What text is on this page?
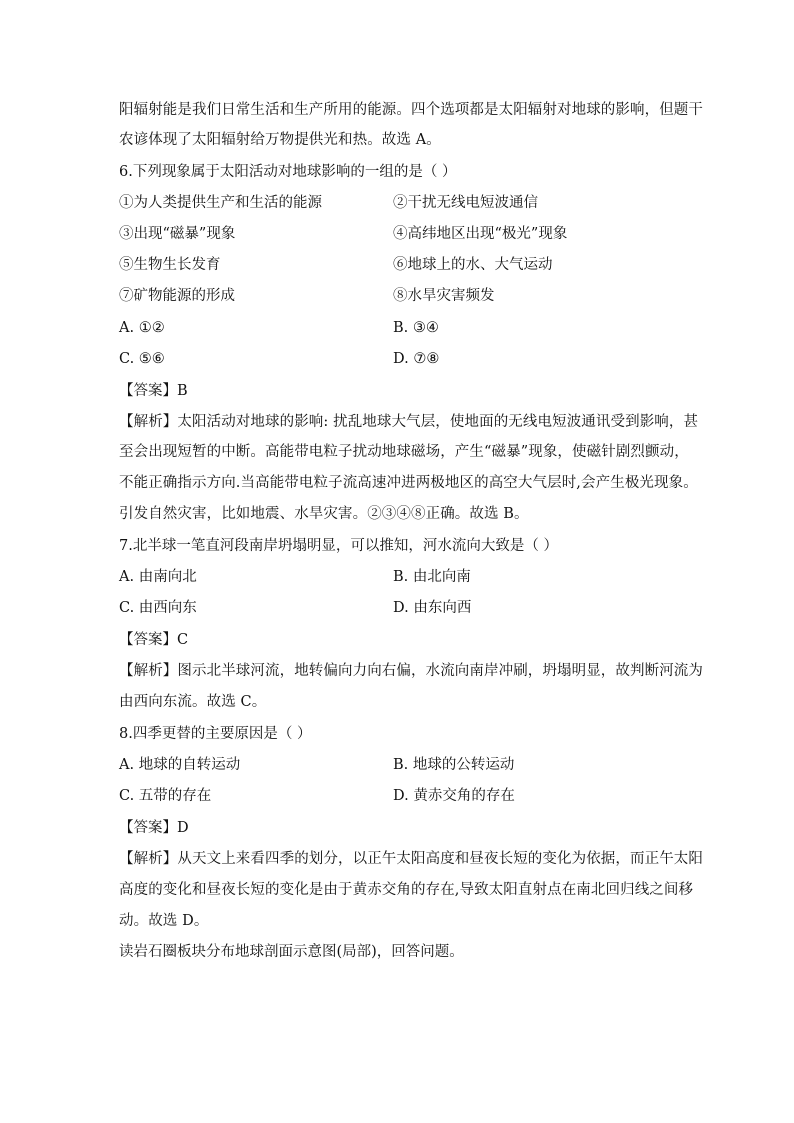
阳辐射能是我们日常生活和生产所用的能源。四个选项都是太阳辐射对地球的影响，但题干
农谚体现了太阳辐射给万物提供光和热。故选 A。
6.下列现象属于太阳活动对地球影响的一组的是（ ）
①为人类提供生产和生活的能源	②干扰无线电短波通信
③出现“磁暴”现象	④高纬地区出现“极光”现象
⑤生物生长发育	⑥地球上的水、大气运动
⑦矿物能源的形成	⑧水旱灾害频发
A. ①②	B. ③④
C. ⑤⑥	D. ⑦⑧
【答案】B
【解析】太阳活动对地球的影响: 扰乱地球大气层，使地面的无线电短波通讯受到影响，甚
至会出现短暂的中断。高能带电粒子扰动地球磁场，产生“磁暴”现象，使磁针剧烈颤动，
不能正确指示方向.当高能带电粒子流高速冲进两极地区的高空大气层时,会产生极光现象。
引发自然灾害，比如地震、水旱灾害。②③④⑧正确。故选 B。
7.北半球一笔直河段南岸坍塌明显，可以推知，河水流向大致是（ ）
A. 由南向北	B. 由北向南
C. 由西向东	D. 由东向西
【答案】C
【解析】图示北半球河流，地转偏向力向右偏，水流向南岸冲刷，坍塌明显，故判断河流为
由西向东流。故选 C。
8.四季更替的主要原因是（ ）
A. 地球的自转运动	B. 地球的公转运动
C. 五带的存在	D. 黄赤交角的存在
【答案】D
【解析】从天文上来看四季的划分，以正午太阳高度和昼夜长短的变化为依据，而正午太阳
高度的变化和昼夜长短的变化是由于黄赤交角的存在,导致太阳直射点在南北回归线之间移
动。故选 D。
读岩石圈板块分布地球剖面示意图(局部)，回答问题。
